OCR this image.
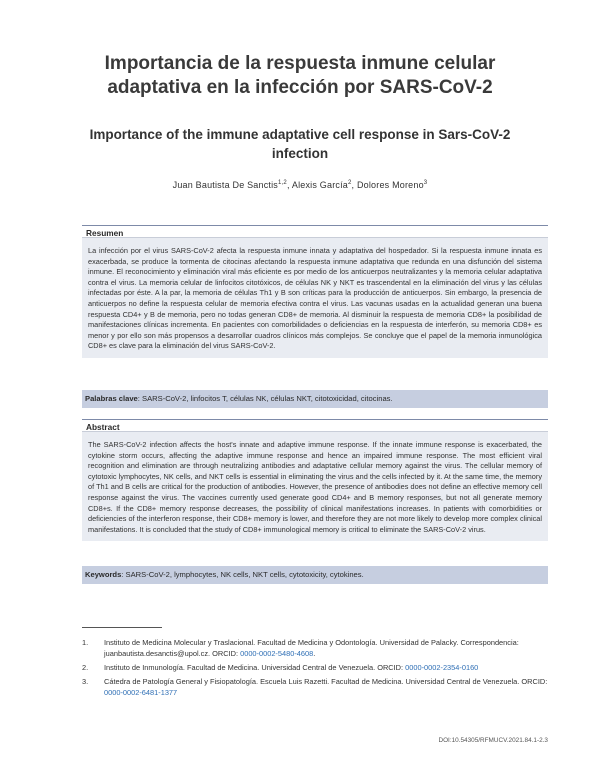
Importancia de la respuesta inmune celular adaptativa en la infección por SARS-CoV-2
Importance of the immune adaptative cell response in Sars-CoV-2 infection
Juan Bautista De Sanctis$^{1,2}$, Alexis García$^2$, Dolores Moreno$^3$
Resumen

La infección por el virus SARS-CoV-2 afecta la respuesta inmune innata y adaptativa del hospedador. Si la respuesta inmune innata es exacerbada, se produce la tormenta de citocinas afectando la respuesta inmune adaptativa que redunda en una disfunción del sistema inmune. El reconocimiento y eliminación viral más eficiente es por medio de los anticuerpos neutralizantes y la memoria celular adaptativa contra el virus. La memoria celular de linfocitos citotóxicos, de células NK y NKT es trascendental en la eliminación del virus y las células infectadas por éste. A la par, la memoria de células Th1 y B son críticas para la producción de anticuerpos. Sin embargo, la presencia de anticuerpos no define la respuesta celular de memoria efectiva contra el virus. Las vacunas usadas en la actualidad generan una buena respuesta CD4+ y B de memoria, pero no todas generan CD8+ de memoria. Al disminuir la respuesta de memoria CD8+ la posibilidad de manifestaciones clínicas incrementa. En pacientes con comorbilidades o deficiencias en la respuesta de interferón, su memoria CD8+ es menor y por ello son más propensos a desarrollar cuadros clínicos más complejos. Se concluye que el papel de la memoria inmunológica CD8+ es clave para la eliminación del virus SARS-CoV-2.

Palabras clave: SARS-CoV-2, linfocitos T, células NK, células NKT, citotoxicidad, citocinas.
Abstract

The SARS-CoV-2 infection affects the host's innate and adaptive immune response. If the innate immune response is exacerbated, the cytokine storm occurs, affecting the adaptive immune response and hence an impaired immune response. The most efficient viral recognition and elimination are through neutralizing antibodies and adaptative cellular memory against the virus. The cellular memory of cytotoxic lymphocytes, NK cells, and NKT cells is essential in eliminating the virus and the cells infected by it. At the same time, the memory of Th1 and B cells are critical for the production of antibodies. However, the presence of antibodies does not define an effective memory cell response against the virus. The vaccines currently used generate good CD4+ and B memory responses, but not all generate memory CD8+s. If the CD8+ memory response decreases, the possibility of clinical manifestations increases. In patients with comorbidities or deficiencies of the interferon response, their CD8+ memory is lower, and therefore they are not more likely to develop more complex clinical manifestations. It is concluded that the study of CD8+ immunological memory is critical to eliminate the SARS-CoV-2 virus.

Keywords: SARS-CoV-2, lymphocytes, NK cells, NKT cells, cytotoxicity, cytokines.
1.	Instituto de Medicina Molecular y Traslacional. Facultad de Medicina y Odontología. Universidad de Palacky. Correspondencia: juanbautista.desanctis@upol.cz. ORCID: 0000-0002-5480-4608.
2.	Instituto de Inmunología. Facultad de Medicina. Universidad Central de Venezuela. ORCID: 0000-0002-2354-0160
3.	Cátedra de Patología General y Fisiopatología. Escuela Luis Razetti. Facultad de Medicina. Universidad Central de Venezuela. ORCID: 0000-0002-6481-1377
DOI:10.54305/RFMUCV.2021.84.1-2.3
